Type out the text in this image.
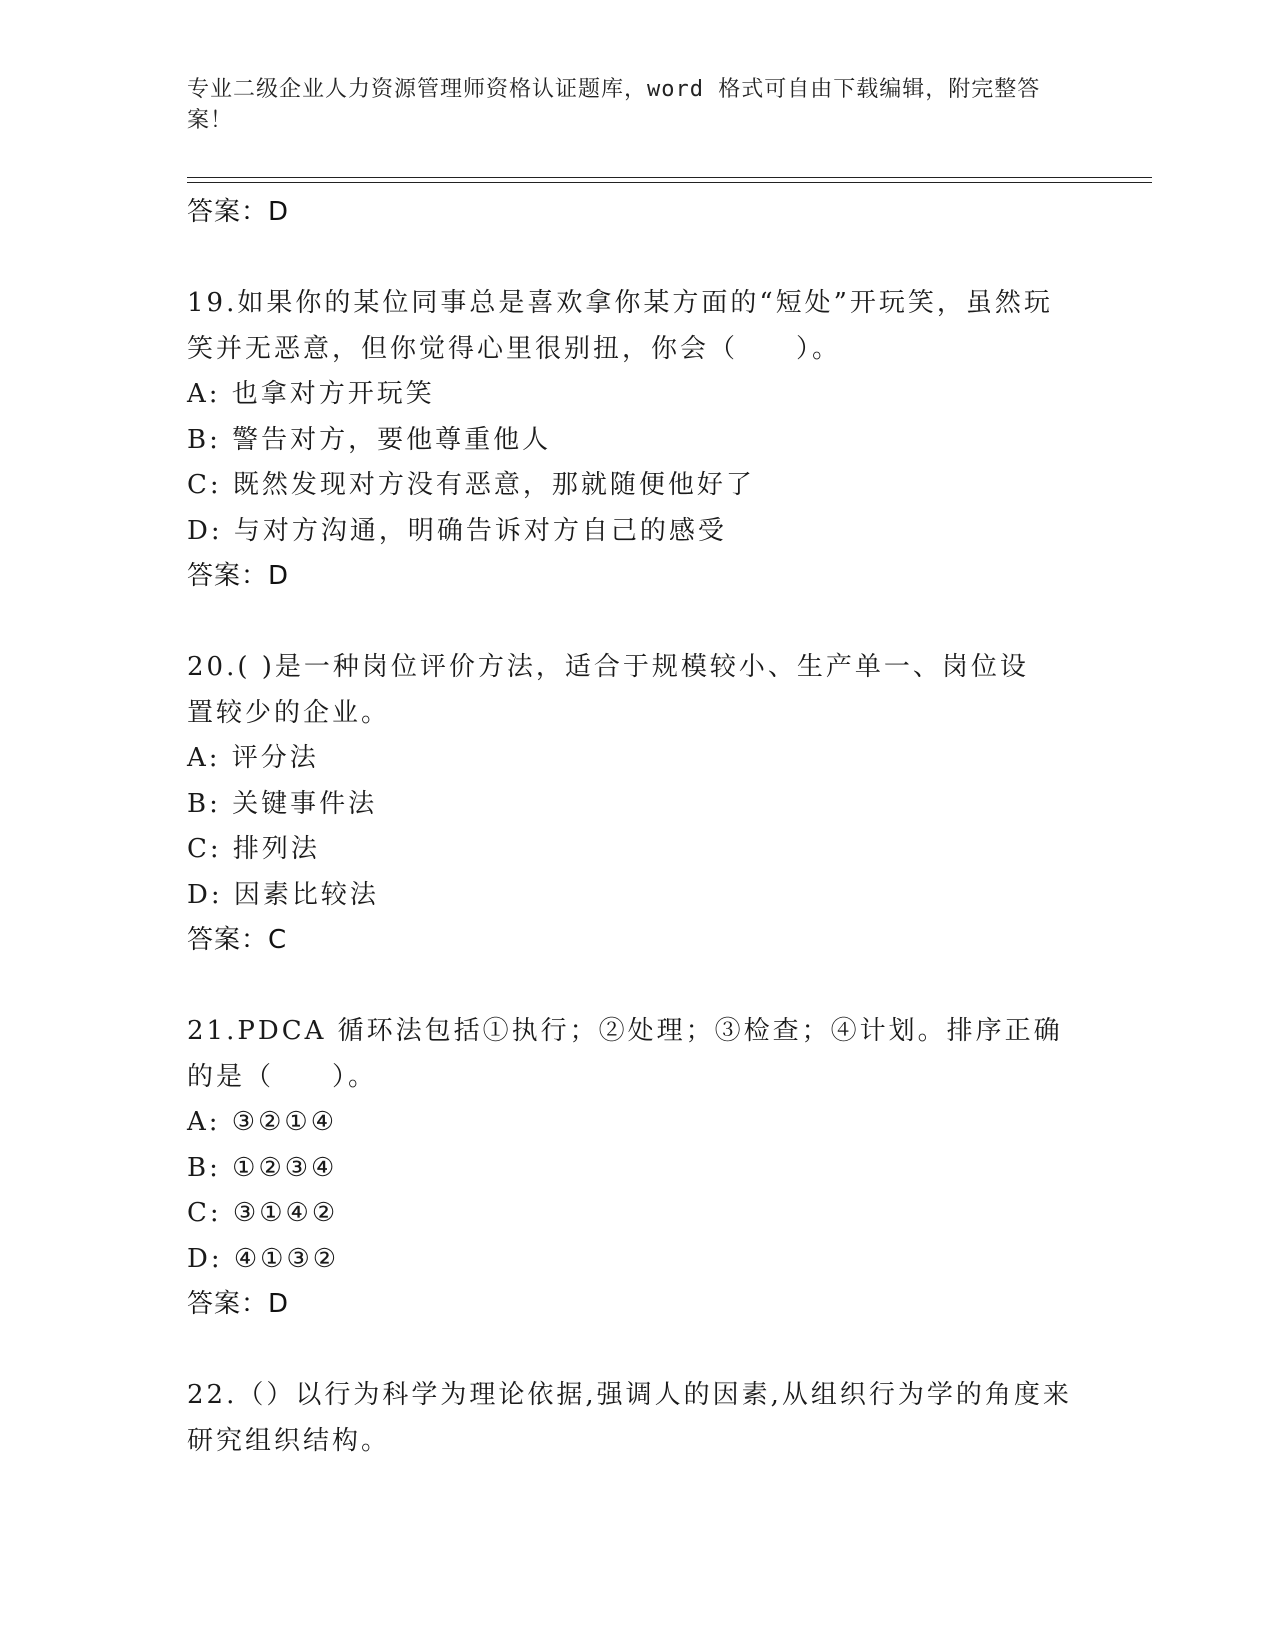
专业二级企业人力资源管理师资格认证题库，word 格式可自由下载编辑，附完整答案！
答案：D
19.如果你的某位同事总是喜欢拿你某方面的“短处”开玩笑，虽然玩笑并无恶意，但你觉得心里很别扭，你会（　　）。
A: 也拿对方开玩笑
B: 警告对方，要他尊重他人
C: 既然发现对方没有恶意，那就随便他好了
D: 与对方沟通，明确告诉对方自己的感受
答案：D
20.( )是一种岗位评价方法，适合于规模较小、生产单一、岗位设置较少的企业。
A: 评分法
B: 关键事件法
C: 排列法
D: 因素比较法
答案：C
21.PDCA 循环法包括①执行；②处理；③检查；④计划。排序正确的是（　　）。
A: ③②①④
B: ①②③④
C: ③①④②
D: ④①③②
答案：D
22.（）以行为科学为理论依据,强调人的因素,从组织行为学的角度来研究组织结构。
